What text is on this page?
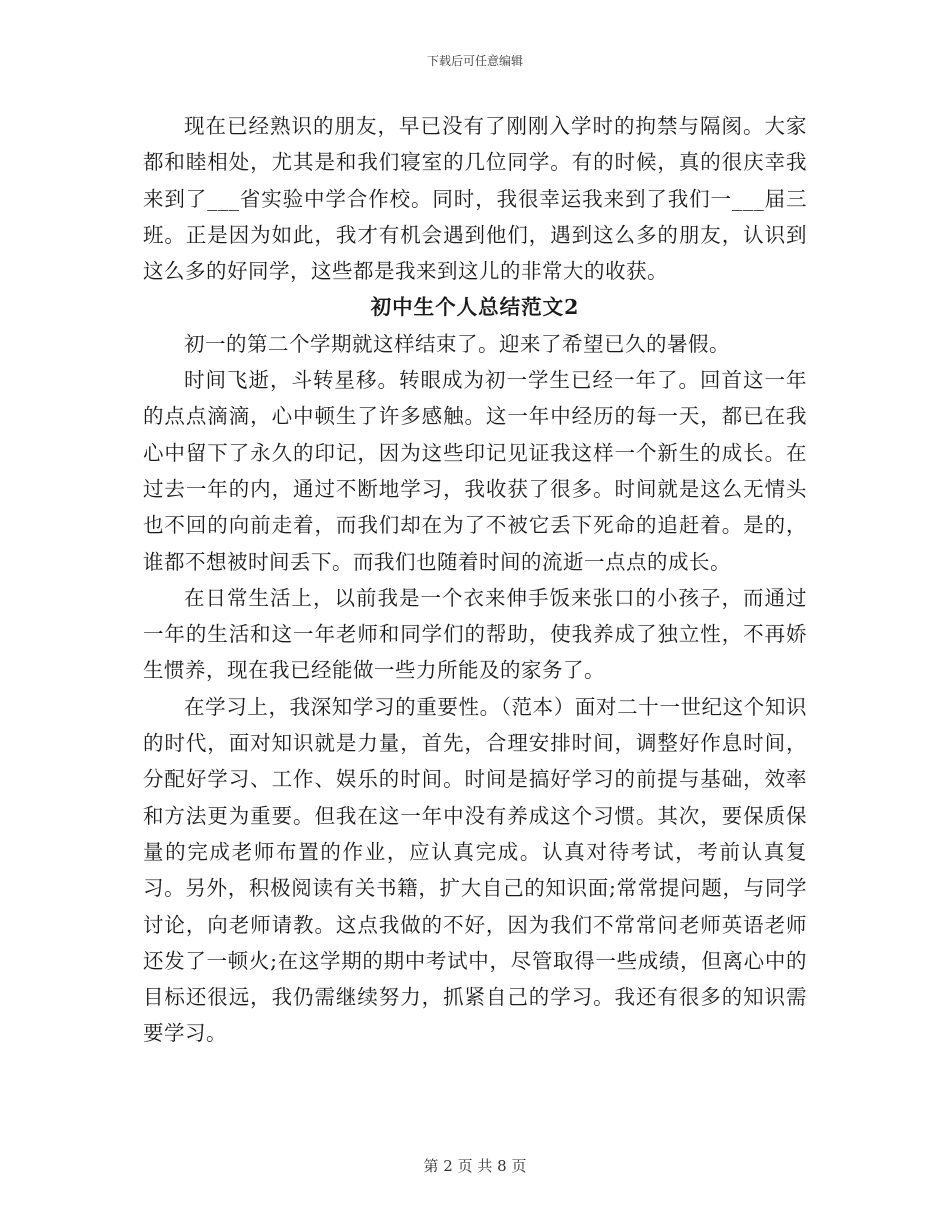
下载后可任意编辑

现在已经熟识的朋友，早已没有了刚刚入学时的拘禁与隔阂。大家都和睦相处，尤其是和我们寝室的几位同学。有的时候，真的很庆幸我来到了___省实验中学合作校。同时，我很幸运我来到了我们一___届三班。正是因为如此，我才有机会遇到他们，遇到这么多的朋友，认识到这么多的好同学，这些都是我来到这儿的非常大的收获。

初中生个人总结范文2

初一的第二个学期就这样结束了。迎来了希望已久的暑假。

时间飞逝，斗转星移。转眼成为初一学生已经一年了。回首这一年的点点滴滴，心中顿生了许多感触。这一年中经历的每一天，都已在我心中留下了永久的印记，因为这些印记见证我这样一个新生的成长。在过去一年的内，通过不断地学习，我收获了很多。时间就是这么无情头也不回的向前走着，而我们却在为了不被它丢下死命的追赶着。是的，谁都不想被时间丢下。而我们也随着时间的流逝一点点的成长。

在日常生活上，以前我是一个衣来伸手饭来张口的小孩子，而通过一年的生活和这一年老师和同学们的帮助，使我养成了独立性，不再娇生惯养，现在我已经能做一些力所能及的家务了。

在学习上，我深知学习的重要性。（范本）面对二十一世纪这个知识的时代，面对知识就是力量，首先，合理安排时间，调整好作息时间，分配好学习、工作、娱乐的时间。时间是搞好学习的前提与基础，效率和方法更为重要。但我在这一年中没有养成这个习惯。其次，要保质保量的完成老师布置的作业，应认真完成。认真对待考试，考前认真复习。另外，积极阅读有关书籍，扩大自己的知识面;常常提问题，与同学讨论，向老师请教。这点我做的不好，因为我们不常常问老师英语老师还发了一顿火;在这学期的期中考试中，尽管取得一些成绩，但离心中的目标还很远，我仍需继续努力，抓紧自己的学习。我还有很多的知识需要学习。

第 2 页 共 8 页
